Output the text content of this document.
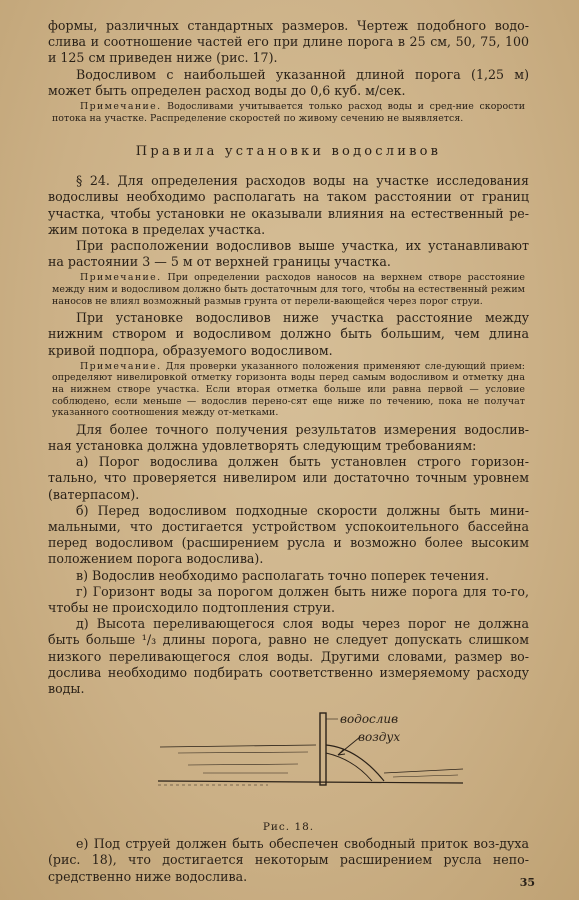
формы, различных стандартных размеров. Чертеж подобного водо-слива и соотношение частей его при длине порога в 25 см, 50, 75, 100 и 125 см приведен ниже (рис. 17).

Водосливом с наибольшей указанной длиной порога (1,25 м) может быть определен расход воды до 0,6 куб. м/сек.

Примечание. Водосливами учитывается только расход воды и сред-ние скорости потока на участке. Распределение скоростей по живому сечению не выявляется.

Правила установки водосливов

§ 24. Для определения расходов воды на участке исследования водосливы необходимо располагать на таком расстоянии от границ участка, чтобы установки не оказывали влияния на естественный ре-жим потока в пределах участка.

При расположении водосливов выше участка, их устанавливают на растоянии 3 — 5 м от верхней границы участка.

Примечание. При определении расходов наносов на верхнем створе расстояние между ним и водосливом должно быть достаточным для того, чтобы на естественный режим наносов не влиял возможный размыв грунта от перели-вающейся через порог струи.

При установке водосливов ниже участка расстояние между нижним створом и водосливом должно быть большим, чем длина кривой подпора, образуемого водосливом.

Примечание. Для проверки указанного положения применяют сле-дующий прием: определяют нивелировкой отметку горизонта воды перед самым водосливом и отметку дна на нижнем створе участка. Если вторая отметка больше или равна первой — условие соблюдено, если меньше — водослив перено-сят еще ниже по течению, пока не получат указанного соотношения между от-метками.

Для более точного получения результатов измерения водослив-ная установка должна удовлетворять следующим требованиям:

а) Порог водослива должен быть установлен строго горизон-тально, что проверяется нивелиром или достаточно точным уровнем (ватерпасом).

б) Перед водосливом подходные скорости должны быть мини-мальными, что достигается устройством успокоительного бассейна перед водосливом (расширением русла и возможно более высоким положением порога водослива).

в) Водослив необходимо располагать точно поперек течения.

г) Горизонт воды за порогом должен быть ниже порога для то-го, чтобы не происходило подтопления струи.

д) Высота переливающегося слоя воды через порог не должна быть больше ¹/₃ длины порога, равно не следует допускать слишком низкого переливающегося слоя воды. Другими словами, размер во-дослива необходимо подбирать соответственно измеряемому расходу воды.

водослив
воздух
Рис. 18.

е) Под струей должен быть обеспечен свободный приток воз-духа (рис. 18), что достигается некоторым расширением русла непо-средственно ниже водослива.	35
